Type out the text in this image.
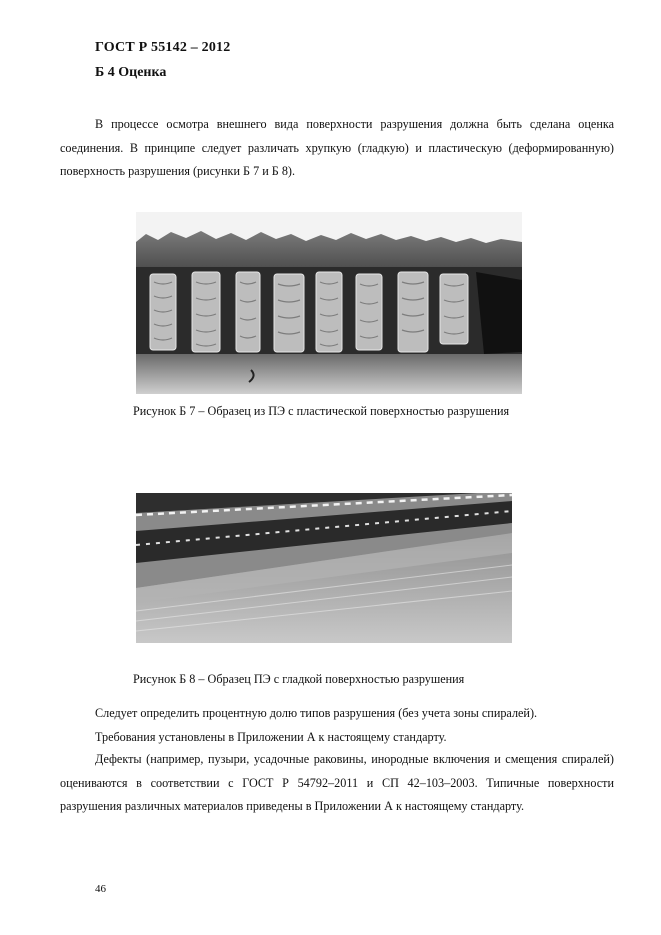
ГОСТ Р 55142 – 2012
Б 4 Оценка

В процессе осмотра внешнего вида поверхности разрушения должна быть сделана оценка соединения. В принципе следует различать хрупкую (гладкую) и пластическую (деформированную) поверхность разрушения (рисунки Б 7 и Б 8).

Рисунок Б 7 – Образец из ПЭ с пластической поверхностью разрушения
Рисунок Б 8 – Образец ПЭ с гладкой поверхностью разрушения

Следует определить процентную долю типов разрушения (без учета зоны спиралей).

Требования установлены в Приложении А к настоящему стандарту.

Дефекты (например, пузыри, усадочные раковины, инородные включения и смещения спиралей) оцениваются в соответствии с ГОСТ Р 54792–2011 и СП 42–103–2003. Типичные поверхности разрушения различных материалов приведены в Приложении А к настоящему стандарту.

46
